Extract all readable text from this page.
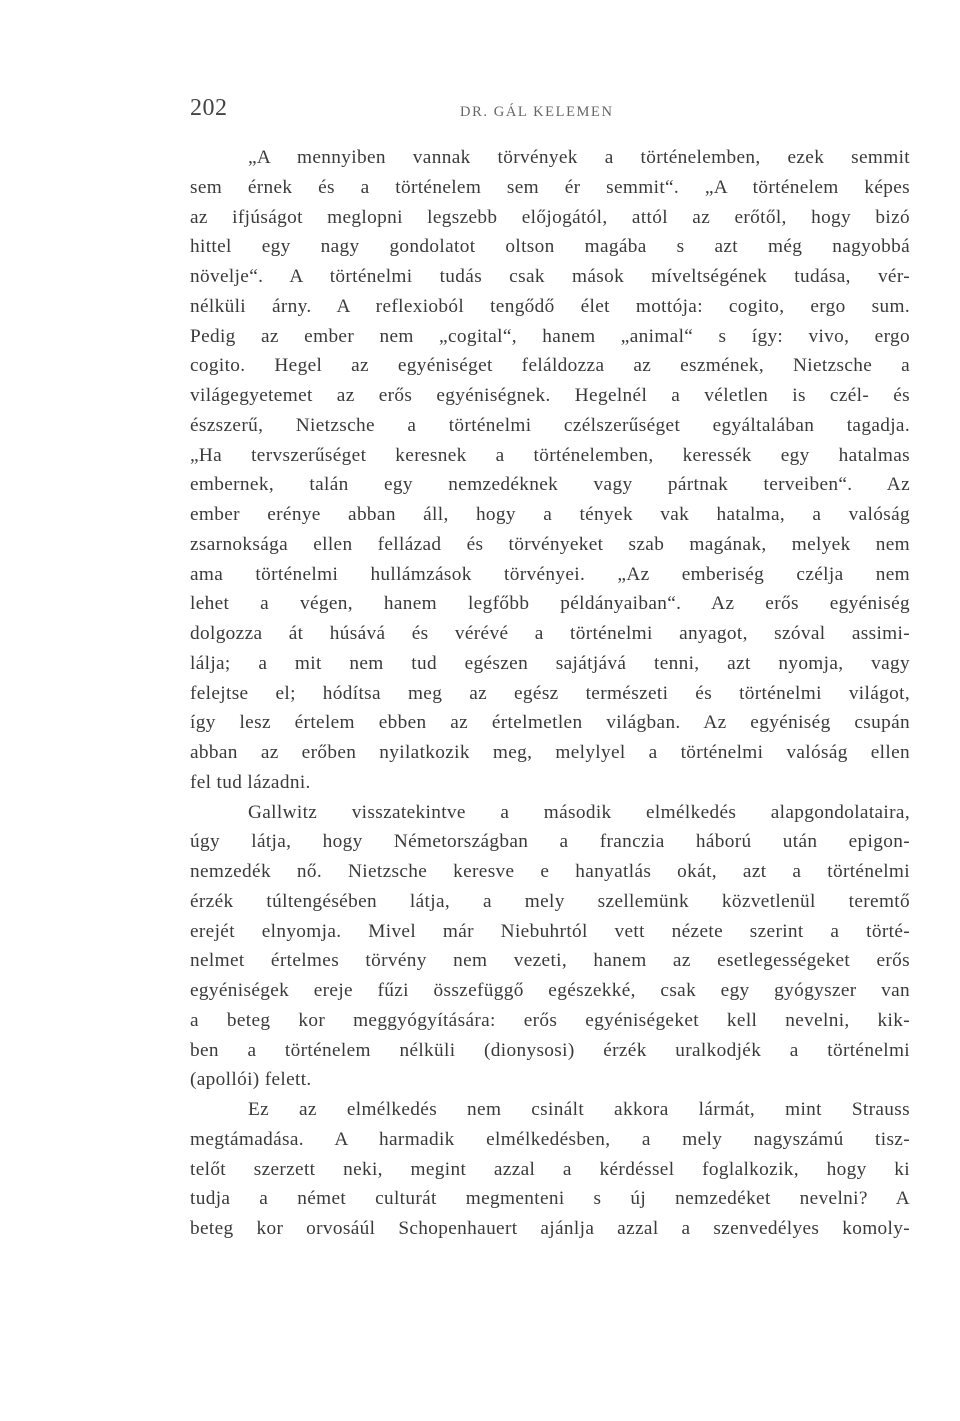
202	DR. GÁL KELEMEN
„A mennyiben vannak törvények a történelemben, ezek semmit
sem érnek és a történelem sem ér semmit“. „A történelem képes
az ifjúságot meglopni legszebb előjogától, attól az erőtől, hogy bizó
hittel egy nagy gondolatot oltson magába s azt még nagyobbá
növelje“. A történelmi tudás csak mások míveltségének tudása, vér-
nélküli árny. A reflexioból tengődő élet mottója: cogito, ergo sum.
Pedig az ember nem „cogital“, hanem „animal“ s így: vivo, ergo
cogito. Hegel az egyéniséget feláldozza az eszmének, Nietzsche a
világegyetemet az erős egyéniségnek. Hegelnél a véletlen is czél- és
észszerű, Nietzsche a történelmi czélszerűséget egyáltalában tagadja.
„Ha tervszerűséget keresnek a történelemben, keressék egy hatalmas
embernek, talán egy nemzedéknek vagy pártnak terveiben“. Az
ember erénye abban áll, hogy a tények vak hatalma, a valóság
zsarnoksága ellen fellázad és törvényeket szab magának, melyek nem
ama történelmi hullámzások törvényei. „Az emberiség czélja nem
lehet a végen, hanem legfőbb példányaiban“. Az erős egyéniség
dolgozza át húsává és vérévé a történelmi anyagot, szóval assimi-
lálja; a mit nem tud egészen sajátjává tenni, azt nyomja, vagy
felejtse el; hódítsa meg az egész természeti és történelmi világot,
így lesz értelem ebben az értelmetlen világban. Az egyéniség csupán
abban az erőben nyilatkozik meg, melylyel a történelmi valóság ellen
fel tud lázadni.
Gallwitz visszatekintve a második elmélkedés alapgondolataira,
úgy látja, hogy Németországban a franczia háború után epigon-
nemzedék nő. Nietzsche keresve e hanyatlás okát, azt a történelmi
érzék túltengésében látja, a mely szellemünk közvetlenül teremtő
erejét elnyomja. Mivel már Niebuhrtól vett nézete szerint a törté-
nelmet értelmes törvény nem vezeti, hanem az esetlegességeket erős
egyéniségek ereje fűzi összefüggő egészekké, csak egy gyógyszer van
a beteg kor meggyógyítására: erős egyéniségeket kell nevelni, kik-
ben a történelem nélküli (dionysosi) érzék uralkodjék a történelmi
(apollói) felett.
Ez az elmélkedés nem csinált akkora lármát, mint Strauss
megtámadása. A harmadik elmélkedésben, a mely nagyszámú tisz-
telőt szerzett neki, megint azzal a kérdéssel foglalkozik, hogy ki
tudja a német culturát megmenteni s új nemzedéket nevelni? A
beteg kor orvosáúl Schopenhauert ajánlja azzal a szenvedélyes komoly-
